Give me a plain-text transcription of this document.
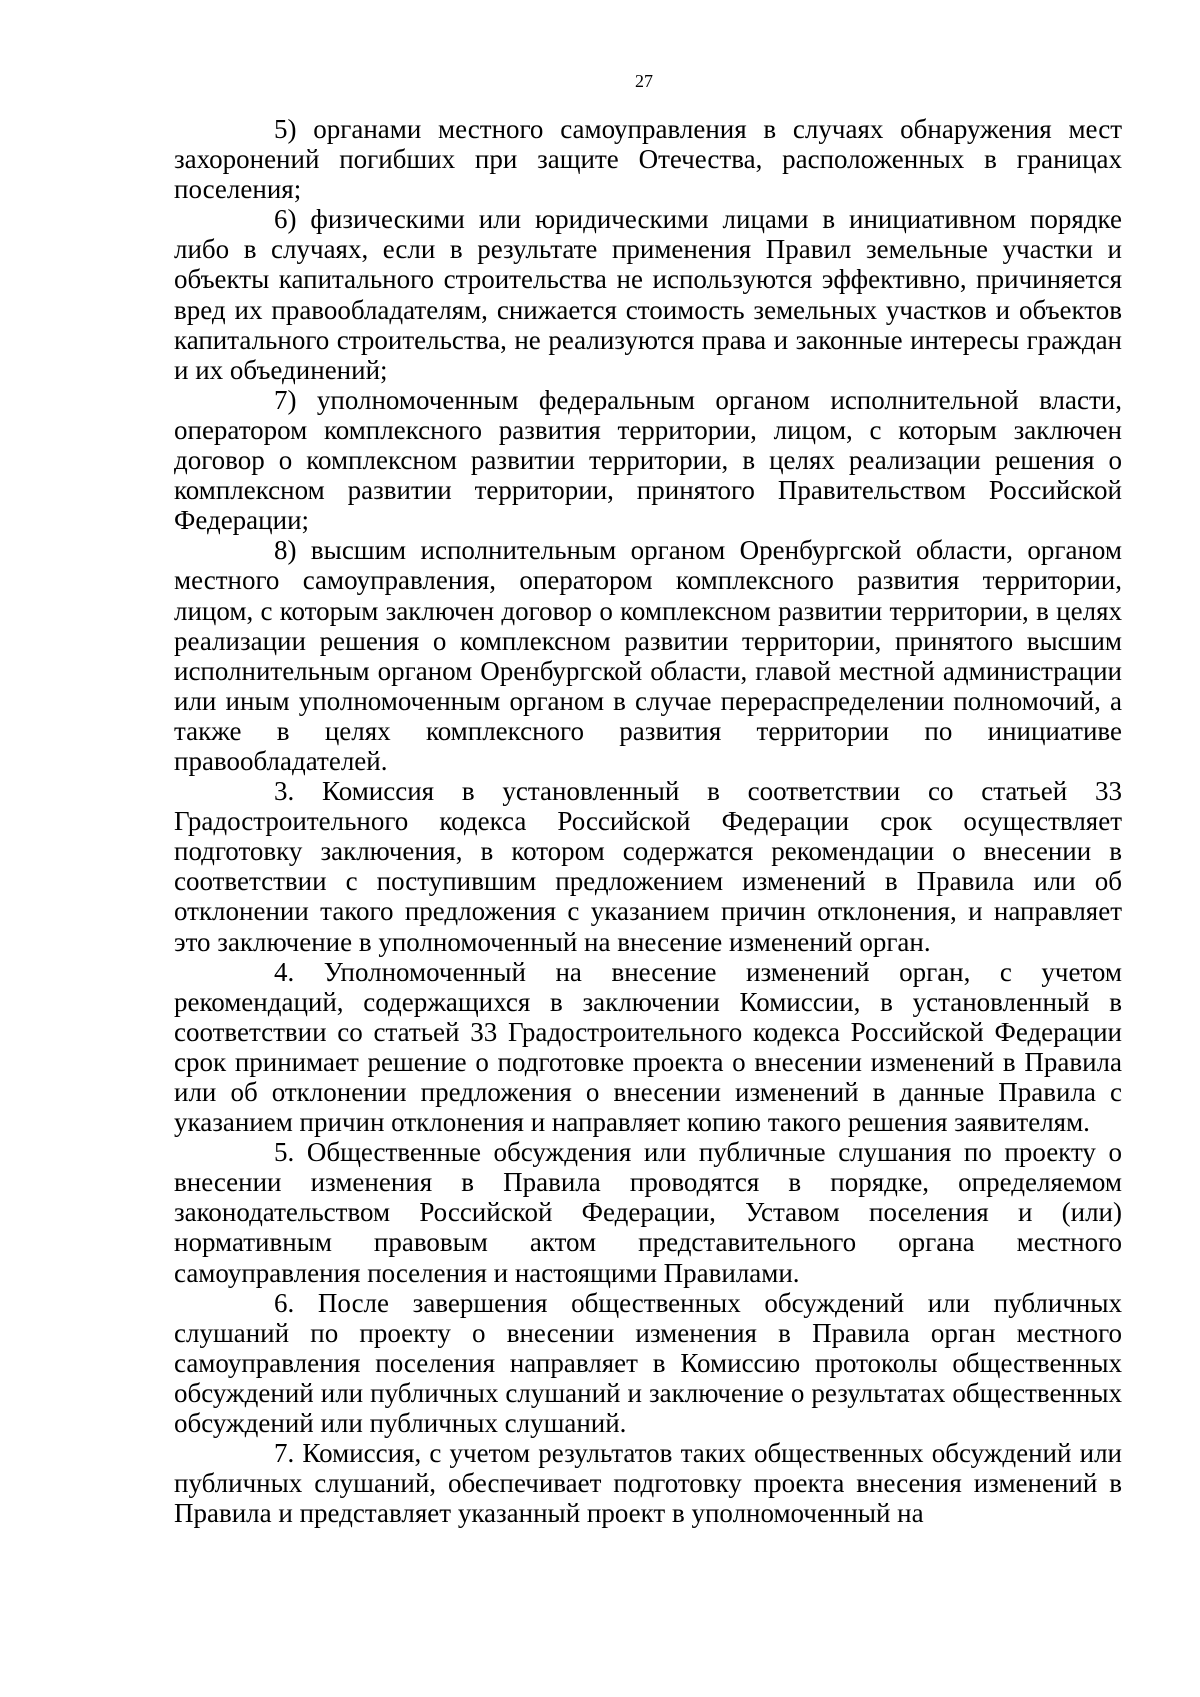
27

5) органами местного самоуправления в случаях обнаружения мест захоронений погибших при защите Отечества, расположенных в границах поселения;

6) физическими или юридическими лицами в инициативном порядке либо в случаях, если в результате применения Правил земельные участки и объекты капитального строительства не используются эффективно, причиняется вред их правообладателям, снижается стоимость земельных участков и объектов капитального строительства, не реализуются права и законные интересы граждан и их объединений;

7) уполномоченным федеральным органом исполнительной власти, оператором комплексного развития территории, лицом, с которым заключен договор о комплексном развитии территории, в целях реализации решения о комплексном развитии территории, принятого Правительством Российской Федерации;

8) высшим исполнительным органом Оренбургской области, органом местного самоуправления, оператором комплексного развития территории, лицом, с которым заключен договор о комплексном развитии территории, в целях реализации решения о комплексном развитии территории, принятого высшим исполнительным органом Оренбургской области, главой местной администрации или иным уполномоченным органом в случае перераспределении полномочий, а также в целях комплексного развития территории по инициативе правообладателей.

3. Комиссия в установленный в соответствии со статьей 33 Градостроительного кодекса Российской Федерации срок осуществляет подготовку заключения, в котором содержатся рекомендации о внесении в соответствии с поступившим предложением изменений в Правила или об отклонении такого предложения с указанием причин отклонения, и направляет это заключение в уполномоченный на внесение изменений орган.

4. Уполномоченный на внесение изменений орган, с учетом рекомендаций, содержащихся в заключении Комиссии, в установленный в соответствии со статьей 33 Градостроительного кодекса Российской Федерации срок принимает решение о подготовке проекта о внесении изменений в Правила или об отклонении предложения о внесении изменений в данные Правила с указанием причин отклонения и направляет копию такого решения заявителям.

5. Общественные обсуждения или публичные слушания по проекту о внесении изменения в Правила проводятся в порядке, определяемом законодательством Российской Федерации, Уставом поселения и (или) нормативным правовым актом представительного органа местного самоуправления поселения и настоящими Правилами.

6. После завершения общественных обсуждений или публичных слушаний по проекту о внесении изменения в Правила орган местного самоуправления поселения направляет в Комиссию протоколы общественных обсуждений или публичных слушаний и заключение о результатах общественных обсуждений или публичных слушаний.

7. Комиссия, с учетом результатов таких общественных обсуждений или публичных слушаний, обеспечивает подготовку проекта внесения изменений в Правила и представляет указанный проект в уполномоченный на
